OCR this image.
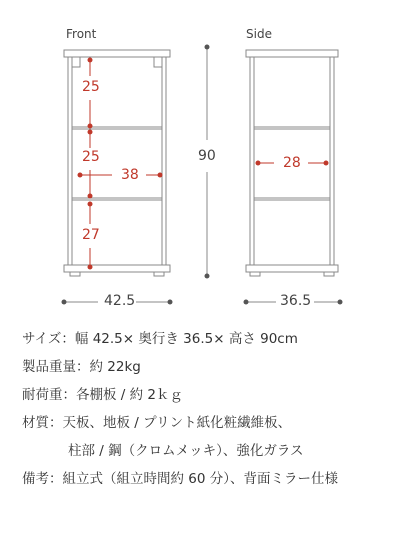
Front	Side
25
25
27
38
28
90
42.5	36.5
サイズ：幅 42.5× 奥行き 36.5× 高さ 90cm
製品重量：約 22kg
耐荷重：各棚板 / 約 2ｋｇ
材質：天板、地板 / プリント紙化粧繊維板、
柱部 / 鋼（クロムメッキ）、強化ガラス
備考：組立式（組立時間約 60 分）、背面ミラー仕様
